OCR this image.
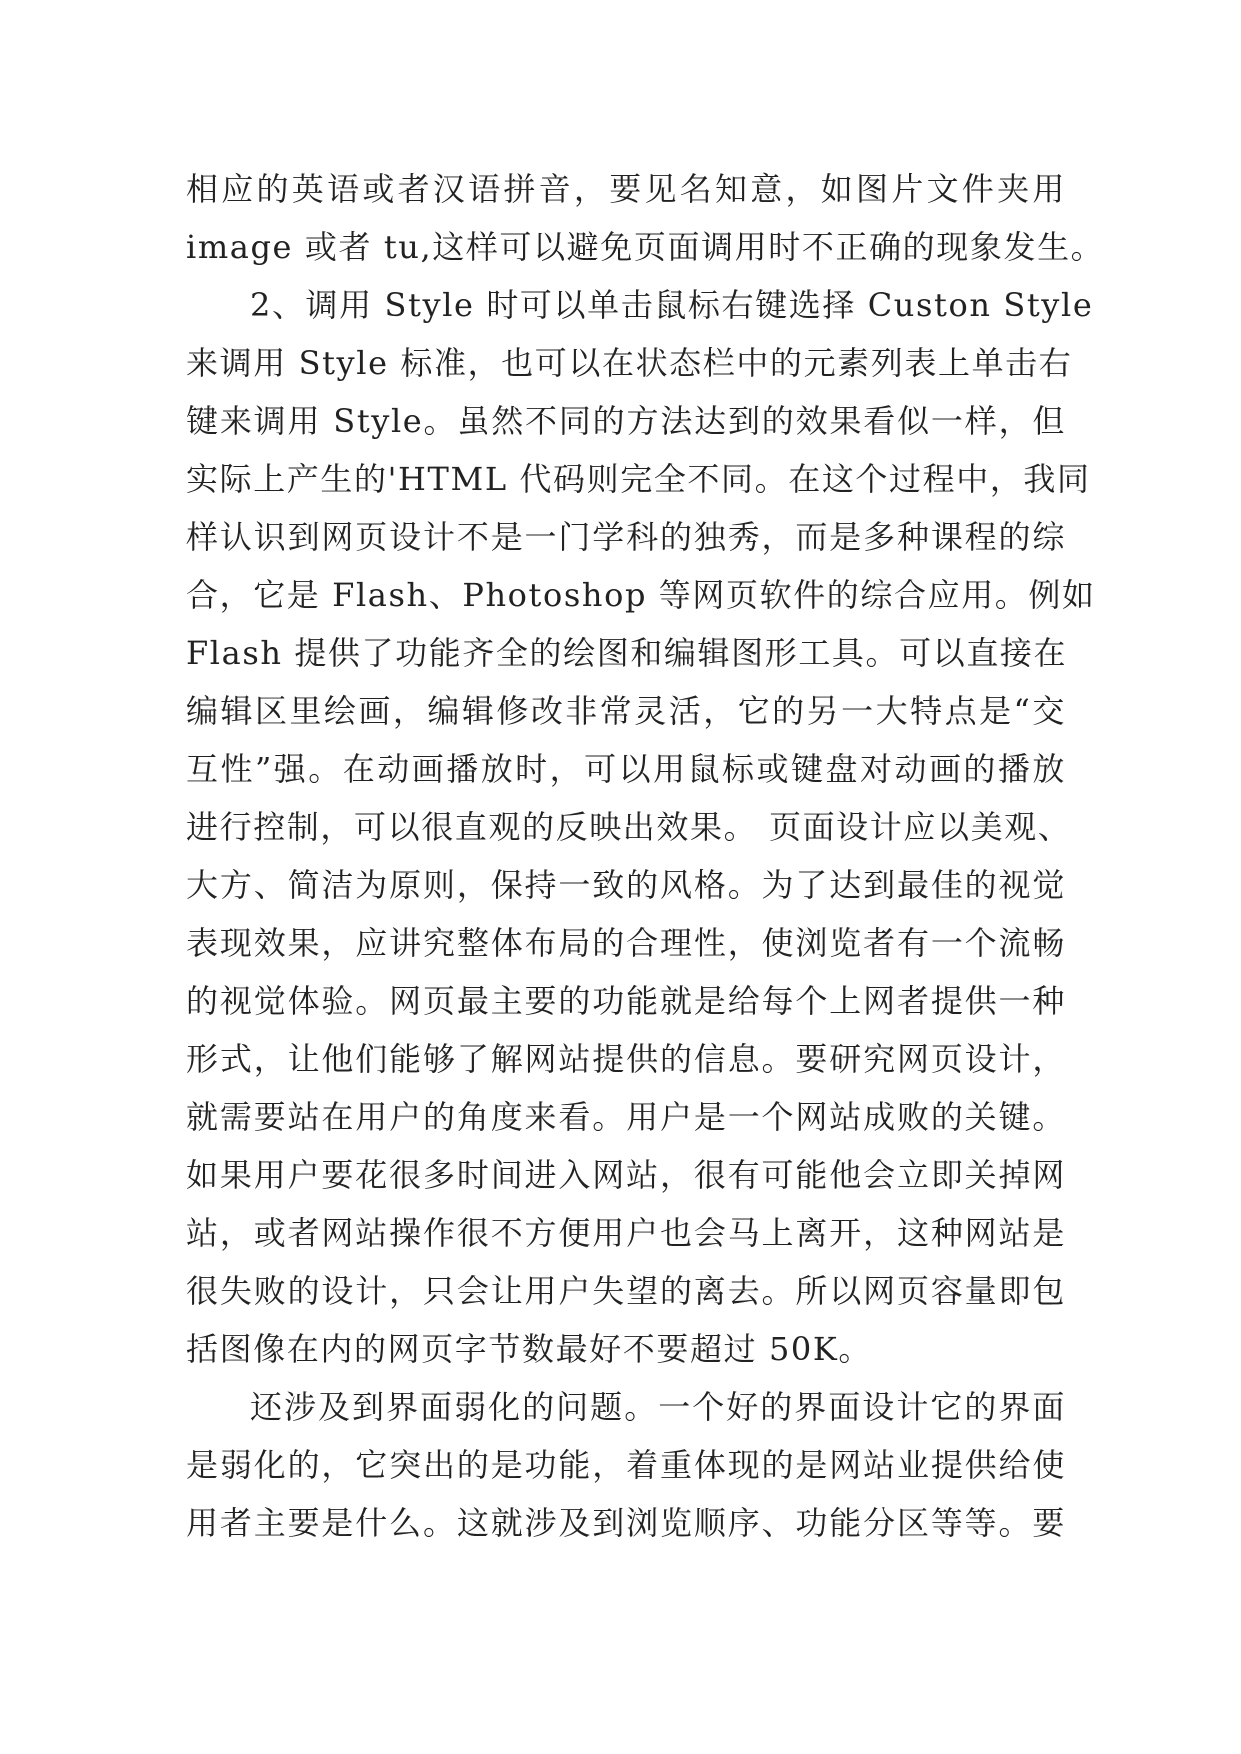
相应的英语或者汉语拼音，要见名知意，如图片文件夹用
image 或者 tu,这样可以避免页面调用时不正确的现象发生。
2、调用 Style 时可以单击鼠标右键选择 Custon Style
来调用 Style 标准，也可以在状态栏中的元素列表上单击右
键来调用 Style。虽然不同的方法达到的效果看似一样，但
实际上产生的'HTML 代码则完全不同。在这个过程中，我同
样认识到网页设计不是一门学科的独秀，而是多种课程的综
合，它是 Flash、Photoshop 等网页软件的综合应用。例如
Flash 提供了功能齐全的绘图和编辑图形工具。可以直接在
编辑区里绘画，编辑修改非常灵活，它的另一大特点是“交
互性”强。在动画播放时，可以用鼠标或键盘对动画的播放
进行控制，可以很直观的反映出效果。 页面设计应以美观、
大方、简洁为原则，保持一致的风格。为了达到最佳的视觉
表现效果，应讲究整体布局的合理性，使浏览者有一个流畅
的视觉体验。网页最主要的功能就是给每个上网者提供一种
形式，让他们能够了解网站提供的信息。要研究网页设计，
就需要站在用户的角度来看。用户是一个网站成败的关键。
如果用户要花很多时间进入网站，很有可能他会立即关掉网
站，或者网站操作很不方便用户也会马上离开，这种网站是
很失败的设计，只会让用户失望的离去。所以网页容量即包
括图像在内的网页字节数最好不要超过 50K。
还涉及到界面弱化的问题。一个好的界面设计它的界面
是弱化的，它突出的是功能，着重体现的是网站业提供给使
用者主要是什么。这就涉及到浏览顺序、功能分区等等。要
